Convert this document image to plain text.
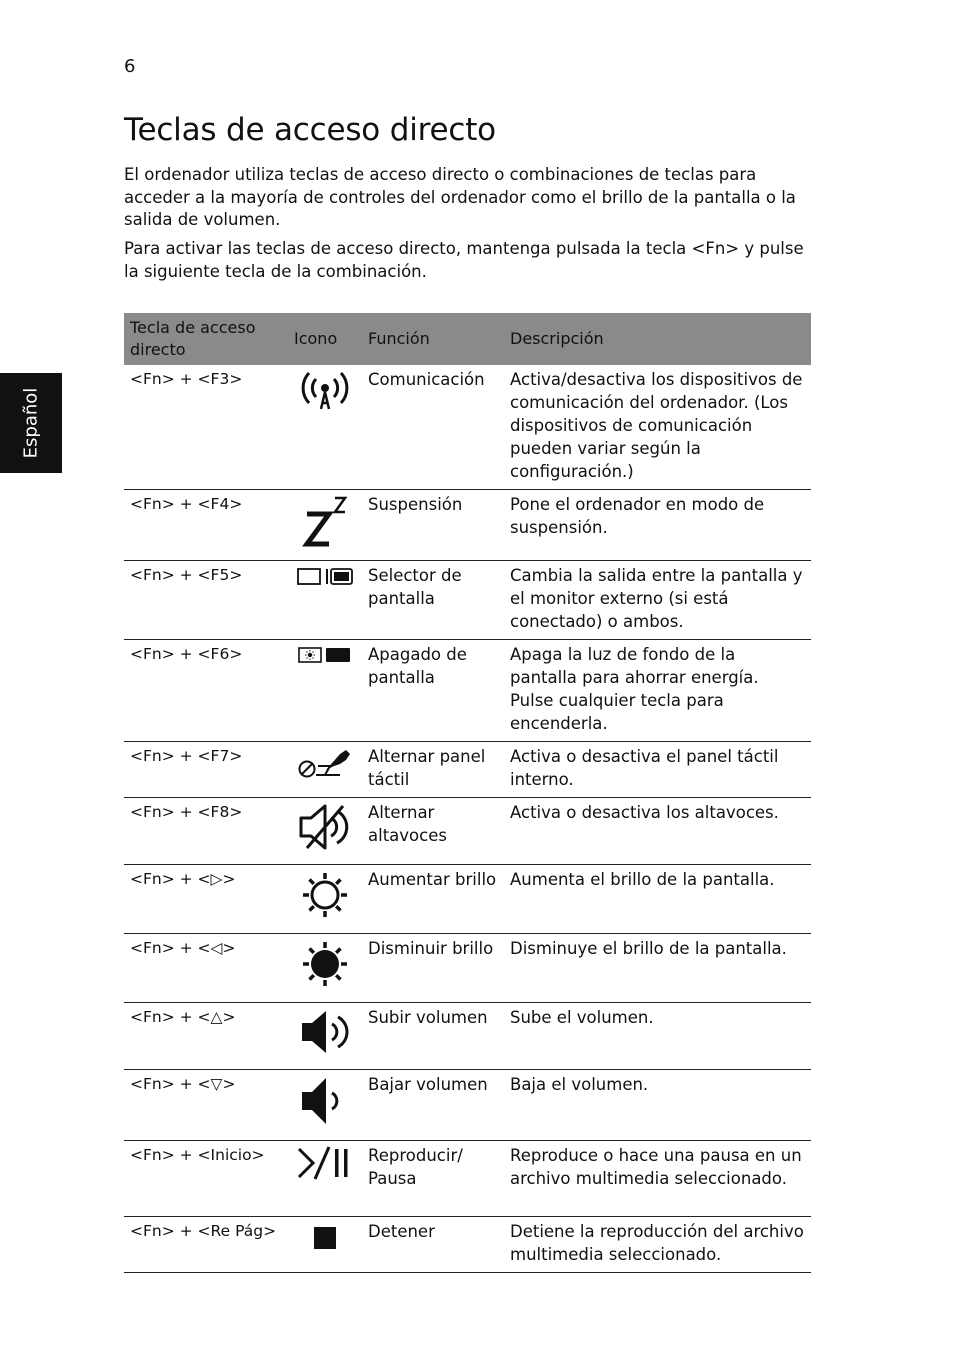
6
Español
Teclas de acceso directo

El ordenador utiliza teclas de acceso directo o combinaciones de teclas para acceder a la mayoría de controles del ordenador como el brillo de la pantalla o la salida de volumen.

Para activar las teclas de acceso directo, mantenga pulsada la tecla <Fn> y pulse la siguiente tecla de la combinación.

Tecla de acceso directo	Icono	Función	Descripción
<Fn> + <F3>		Comunicación	Activa/desactiva los dispositivos de comunicación del ordenador. (Los dispositivos de comunicación pueden variar según la configuración.)
<Fn> + <F4>		Suspensión	Pone el ordenador en modo de suspensión.
<Fn> + <F5>		Selector de pantalla	Cambia la salida entre la pantalla y el monitor externo (si está conectado) o ambos.
<Fn> + <F6>		Apagado de pantalla	Apaga la luz de fondo de la pantalla para ahorrar energía. Pulse cualquier tecla para encenderla.
<Fn> + <F7>		Alternar panel táctil	Activa o desactiva el panel táctil interno.
<Fn> + <F8>		Alternar altavoces	Activa o desactiva los altavoces.
<Fn> + <▷>		Aumentar brillo	Aumenta el brillo de la pantalla.
<Fn> + <◁>		Disminuir brillo	Disminuye el brillo de la pantalla.
<Fn> + <△>		Subir volumen	Sube el volumen.
<Fn> + <▽>		Bajar volumen	Baja el volumen.
<Fn> + <Inicio>		Reproducir/ Pausa	Reproduce o hace una pausa en un archivo multimedia seleccionado.
<Fn> + <Re Pág>		Detener	Detiene la reproducción del archivo multimedia seleccionado.
